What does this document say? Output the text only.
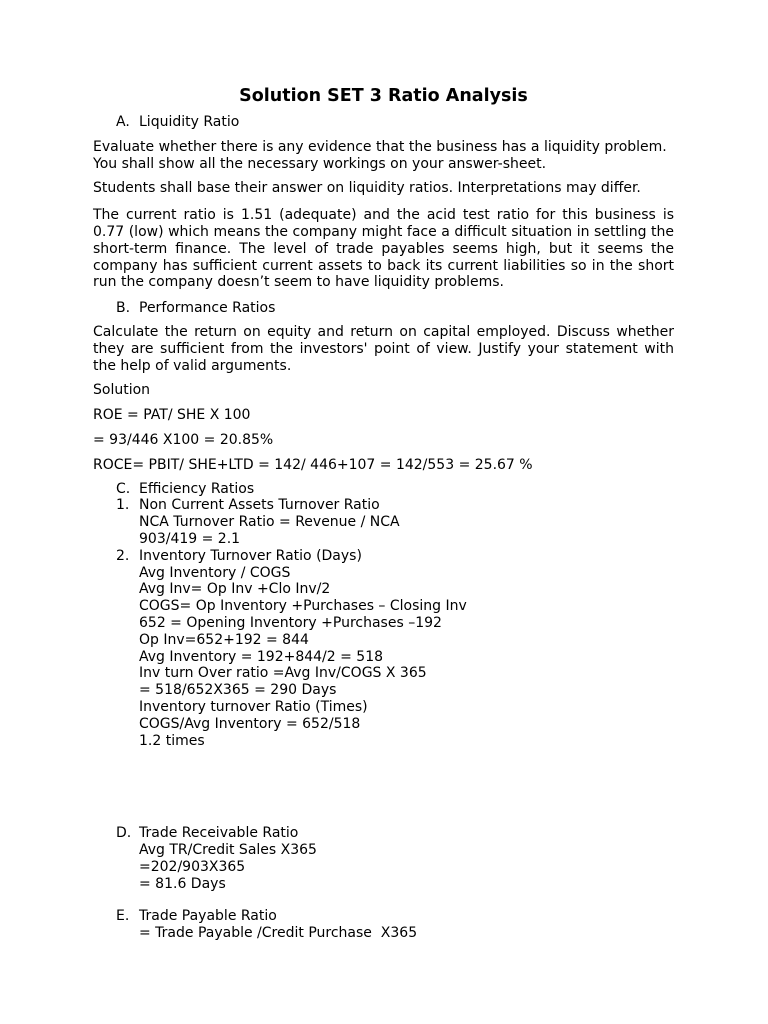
Solution SET 3 Ratio Analysis
A. Liquidity Ratio

Evaluate whether there is any evidence that the business has a liquidity problem. You shall show all the necessary workings on your answer-sheet.

Students shall base their answer on liquidity ratios. Interpretations may differ.

The current ratio is 1.51 (adequate) and the acid test ratio for this business is 0.77 (low) which means the company might face a difficult situation in settling the short-term finance. The level of trade payables seems high, but it seems the company has sufficient current assets to back its current liabilities so in the short run the company doesn’t seem to have liquidity problems.

B. Performance Ratios

Calculate the return on equity and return on capital employed. Discuss whether they are sufficient from the investors' point of view. Justify your statement with the help of valid arguments.

Solution

ROE = PAT/ SHE X 100

= 93/446 X100 = 20.85%

ROCE= PBIT/ SHE+LTD = 142/ 446+107 = 142/553 = 25.67 %

C. Efficiency Ratios
1. Non Current Assets Turnover Ratio
NCA Turnover Ratio = Revenue / NCA
903/419 = 2.1
2. Inventory Turnover Ratio (Days)
Avg Inventory / COGS
Avg Inv= Op Inv +Clo Inv/2
COGS= Op Inventory +Purchases – Closing Inv
652 = Opening Inventory +Purchases –192
Op Inv=652+192 = 844
Avg Inventory = 192+844/2 = 518
Inv turn Over ratio =Avg Inv/COGS X 365
= 518/652X365 = 290 Days
Inventory turnover Ratio (Times)
COGS/Avg Inventory = 652/518
1.2 times
D. Trade Receivable Ratio
Avg TR/Credit Sales X365
=202/903X365
= 81.6 Days
E. Trade Payable Ratio
= Trade Payable /Credit Purchase  X365
